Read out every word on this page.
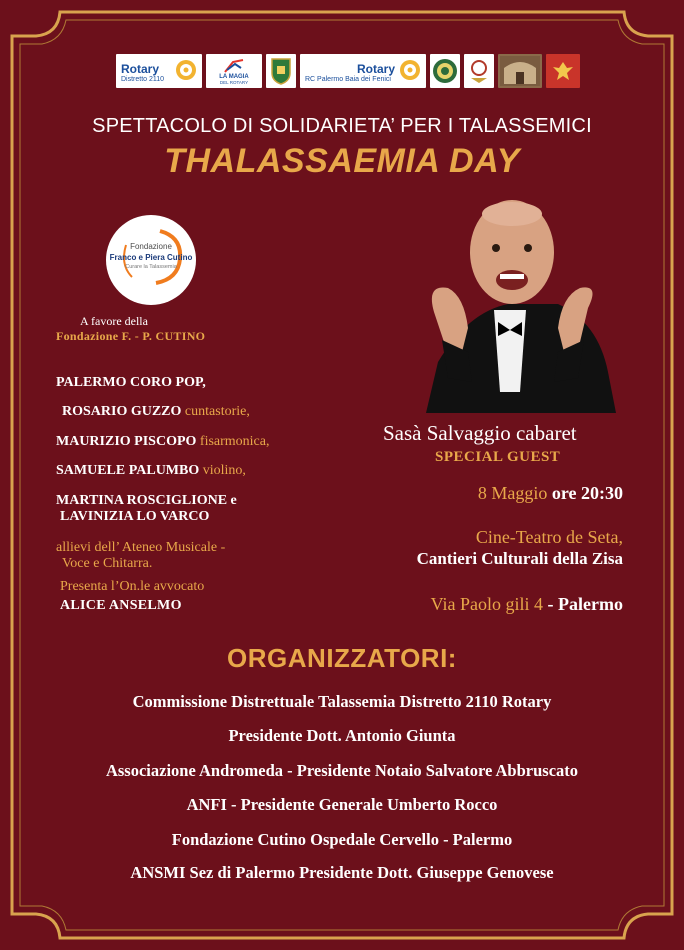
Rotary
Distretto 2110	LA MAGIA
DEL ROTARY
Rotary
RC Palermo Baia dei Fenici
SPETTACOLO DI SOLIDARIETA’ PER I TALASSEMICI
THALASSAEMIA DAY
Fondazione
Franco e Piera Cutino
Curare la Talassemia
A favore della
Fondazione F. - P. CUTINO
PALERMO CORO POP,
ROSARIO GUZZO cuntastorie,
MAURIZIO PISCOPO fisarmonica,
SAMUELE PALUMBO violino,
MARTINA ROSCIGLIONE e
LAVINIZIA LO VARCO
allievi dell’ Ateneo Musicale -
Voce e Chitarra.
Presenta l’On.le avvocato
ALICE ANSELMO
Sasà Salvaggio cabaret
SPECIAL GUEST
8 Maggio ore 20:30
Cine-Teatro de Seta,
Cantieri Culturali della Zisa
Via Paolo gili 4 - Palermo
ORGANIZZATORI:
Commissione Distrettuale Talassemia Distretto 2110 Rotary
Presidente Dott. Antonio Giunta
Associazione Andromeda - Presidente Notaio Salvatore Abbruscato
ANFI - Presidente Generale Umberto Rocco
Fondazione Cutino Ospedale Cervello - Palermo
ANSMI Sez di Palermo Presidente Dott. Giuseppe Genovese
